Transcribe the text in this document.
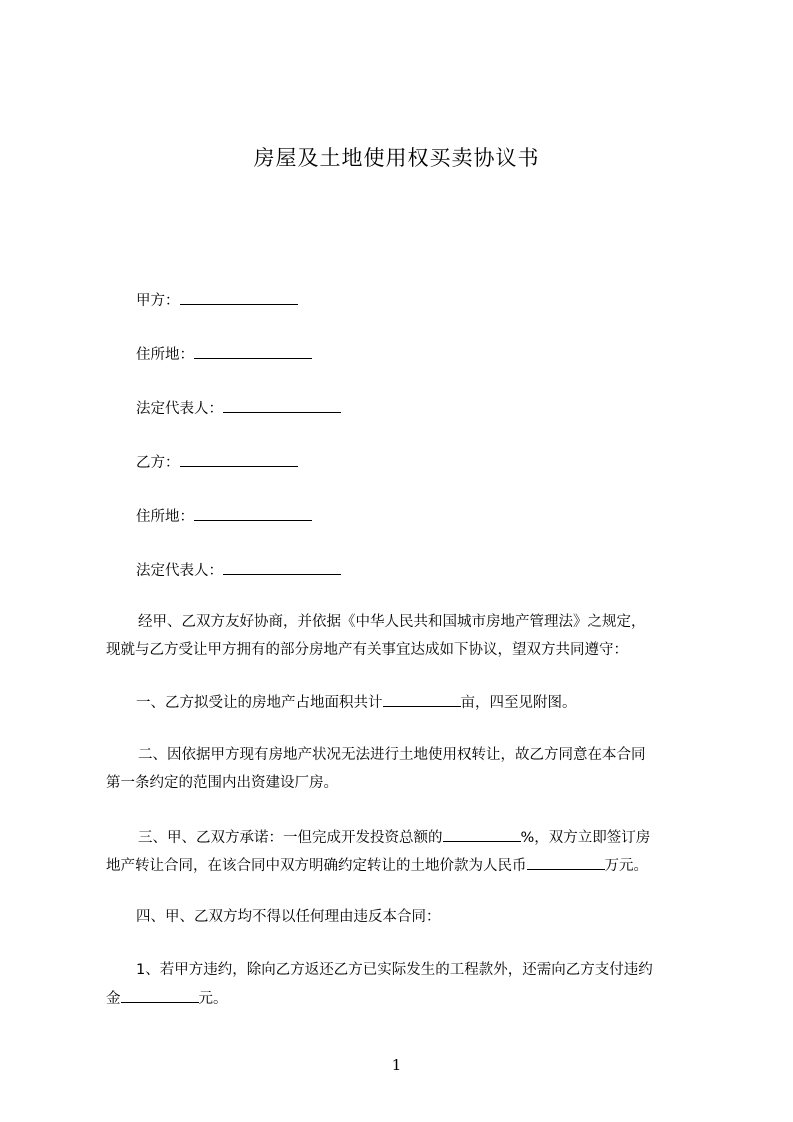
房屋及土地使用权买卖协议书
甲方：
住所地：
法定代表人：
乙方：
住所地：
法定代表人：
经甲、乙双方友好协商，并依据《中华人民共和国城市房地产管理法》之规定，
现就与乙方受让甲方拥有的部分房地产有关事宜达成如下协议，望双方共同遵守：
一、乙方拟受让的房地产占地面积共计	亩，四至见附图。
二、因依据甲方现有房地产状况无法进行土地使用权转让，故乙方同意在本合同
第一条约定的范围内出资建设厂房。
三、甲、乙双方承诺：一但完成开发投资总额的	%，双方立即签订房
地产转让合同，在该合同中双方明确约定转让的土地价款为人民币	万元。
四、甲、乙双方均不得以任何理由违反本合同：
1、若甲方违约，除向乙方返还乙方已实际发生的工程款外，还需向乙方支付违约
金	元。
1
